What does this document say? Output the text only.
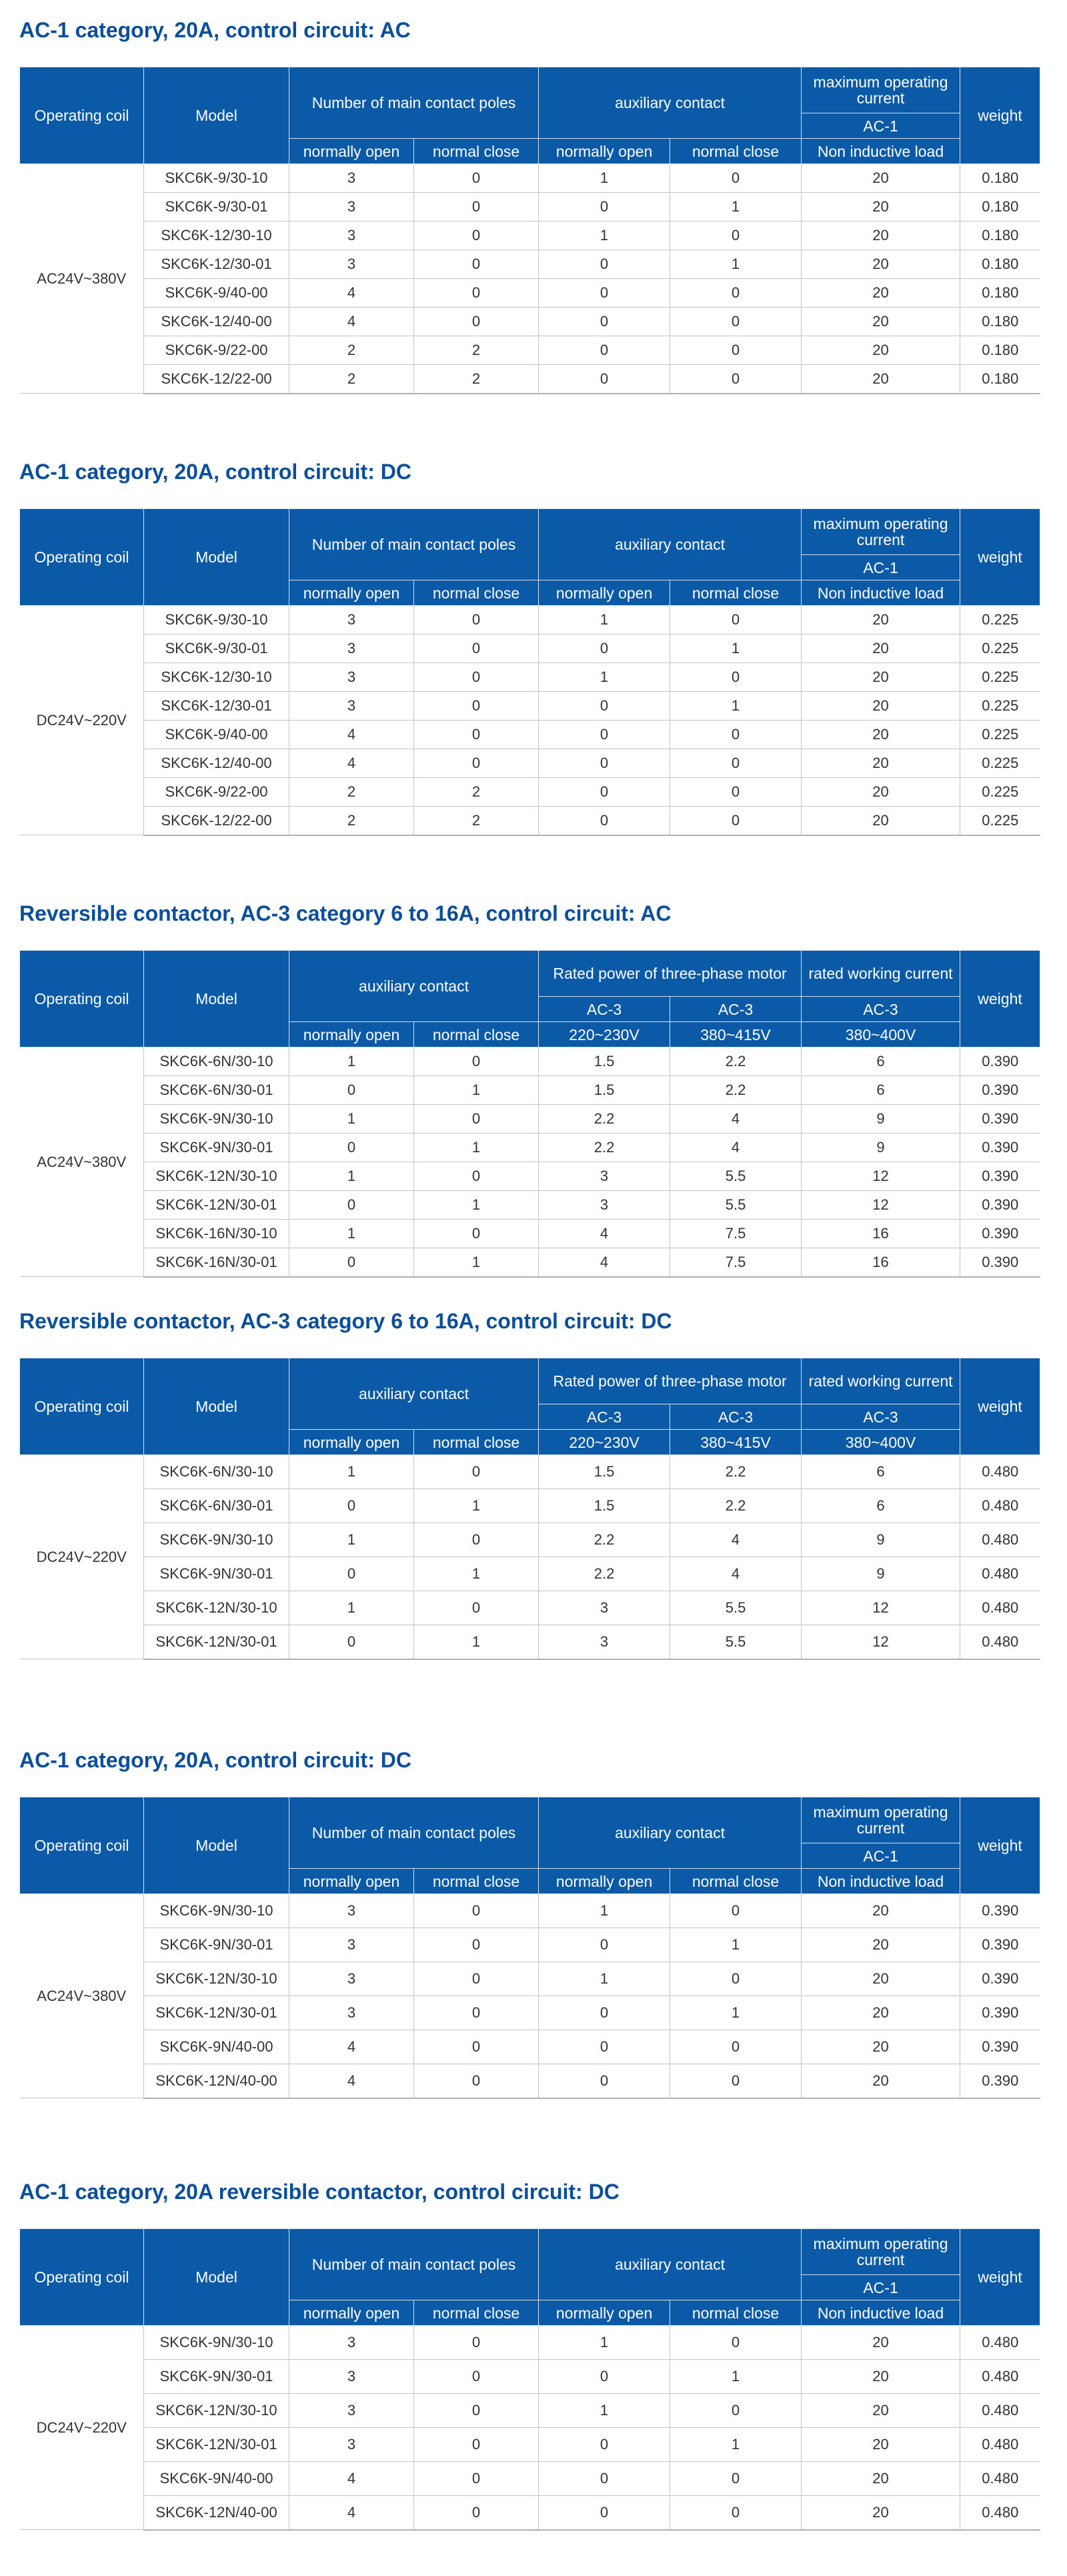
AC-1 category, 20A, control circuit: AC
Operating coil	Model	Number of main contact poles		auxiliary contact		maximum operating current	weight
						AC-1	
		normally open	normal close	normally open	normal close	Non inductive load	
AC24V~380V	SKC6K-9/30-10	3	0	1	0	20	0.180
	SKC6K-9/30-01	3	0	0	1	20	0.180
	SKC6K-12/30-10	3	0	1	0	20	0.180
	SKC6K-12/30-01	3	0	0	1	20	0.180
	SKC6K-9/40-00	4	0	0	0	20	0.180
	SKC6K-12/40-00	4	0	0	0	20	0.180
	SKC6K-9/22-00	2	2	0	0	20	0.180
	SKC6K-12/22-00	2	2	0	0	20	0.180
AC-1 category, 20A, control circuit: DC
Operating coil	Model	Number of main contact poles		auxiliary contact		maximum operating current	weight
						AC-1	
		normally open	normal close	normally open	normal close	Non inductive load	
DC24V~220V	SKC6K-9/30-10	3	0	1	0	20	0.225
	SKC6K-9/30-01	3	0	0	1	20	0.225
	SKC6K-12/30-10	3	0	1	0	20	0.225
	SKC6K-12/30-01	3	0	0	1	20	0.225
	SKC6K-9/40-00	4	0	0	0	20	0.225
	SKC6K-12/40-00	4	0	0	0	20	0.225
	SKC6K-9/22-00	2	2	0	0	20	0.225
	SKC6K-12/22-00	2	2	0	0	20	0.225
Reversible contactor, AC-3 category 6 to 16A, control circuit: AC
Operating coil	Model	auxiliary contact		Rated power of three-phase motor		rated working current	weight
				AC-3	AC-3	AC-3	
		normally open	normal close	220~230V	380~415V	380~400V	
AC24V~380V	SKC6K-6N/30-10	1	0	1.5	2.2	6	0.390
	SKC6K-6N/30-01	0	1	1.5	2.2	6	0.390
	SKC6K-9N/30-10	1	0	2.2	4	9	0.390
	SKC6K-9N/30-01	0	1	2.2	4	9	0.390
	SKC6K-12N/30-10	1	0	3	5.5	12	0.390
	SKC6K-12N/30-01	0	1	3	5.5	12	0.390
	SKC6K-16N/30-10	1	0	4	7.5	16	0.390
	SKC6K-16N/30-01	0	1	4	7.5	16	0.390
Reversible contactor, AC-3 category 6 to 16A, control circuit: DC
Operating coil	Model	auxiliary contact		Rated power of three-phase motor		rated working current	weight
				AC-3	AC-3	AC-3	
		normally open	normal close	220~230V	380~415V	380~400V	
DC24V~220V	SKC6K-6N/30-10	1	0	1.5	2.2	6	0.480
	SKC6K-6N/30-01	0	1	1.5	2.2	6	0.480
	SKC6K-9N/30-10	1	0	2.2	4	9	0.480
	SKC6K-9N/30-01	0	1	2.2	4	9	0.480
	SKC6K-12N/30-10	1	0	3	5.5	12	0.480
	SKC6K-12N/30-01	0	1	3	5.5	12	0.480
AC-1 category, 20A, control circuit: DC
Operating coil	Model	Number of main contact poles		auxiliary contact		maximum operating current	weight
						AC-1	
		normally open	normal close	normally open	normal close	Non inductive load	
AC24V~380V	SKC6K-9N/30-10	3	0	1	0	20	0.390
	SKC6K-9N/30-01	3	0	0	1	20	0.390
	SKC6K-12N/30-10	3	0	1	0	20	0.390
	SKC6K-12N/30-01	3	0	0	1	20	0.390
	SKC6K-9N/40-00	4	0	0	0	20	0.390
	SKC6K-12N/40-00	4	0	0	0	20	0.390
AC-1 category, 20A reversible contactor, control circuit: DC
Operating coil	Model	Number of main contact poles		auxiliary contact		maximum operating current	weight
						AC-1	
		normally open	normal close	normally open	normal close	Non inductive load	
DC24V~220V	SKC6K-9N/30-10	3	0	1	0	20	0.480
	SKC6K-9N/30-01	3	0	0	1	20	0.480
	SKC6K-12N/30-10	3	0	1	0	20	0.480
	SKC6K-12N/30-01	3	0	0	1	20	0.480
	SKC6K-9N/40-00	4	0	0	0	20	0.480
	SKC6K-12N/40-00	4	0	0	0	20	0.480
